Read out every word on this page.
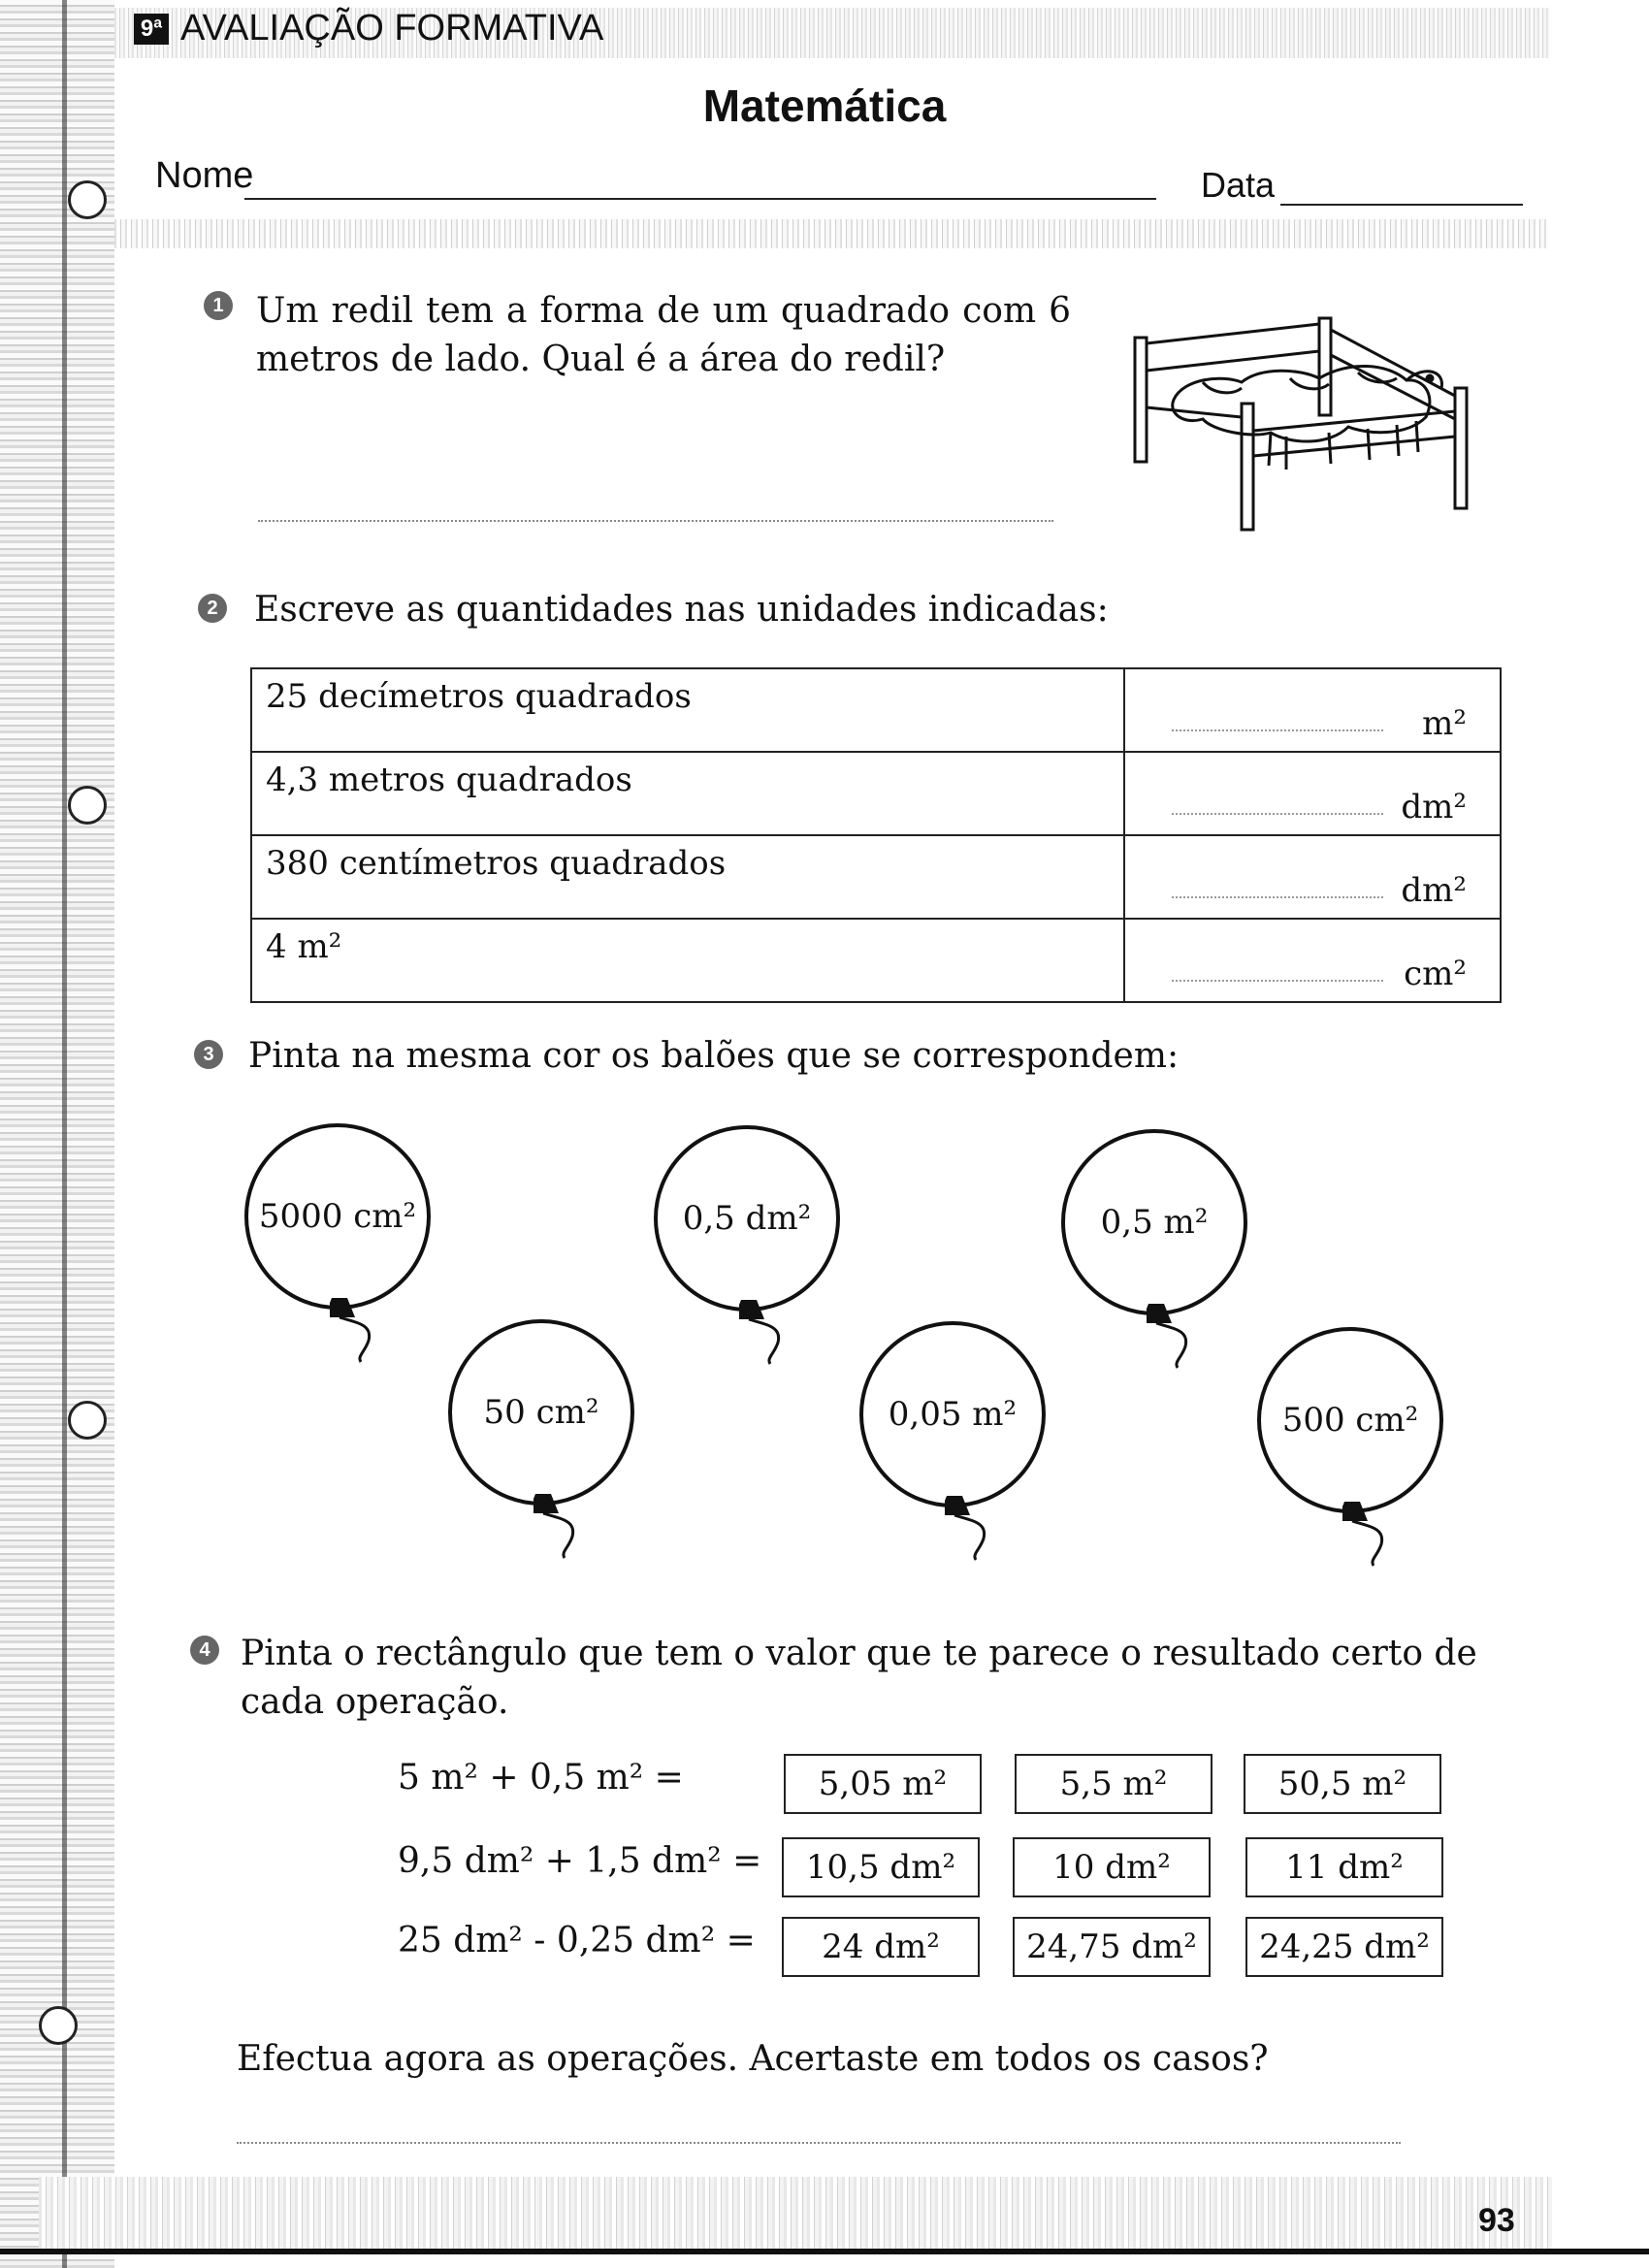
9ª AVALIAÇÃO FORMATIVA
Matemática
Nome	Data
1 Um redil tem a forma de um quadrado com 6 metros de lado. Qual é a área do redil?
2 Escreve as quantidades nas unidades indicadas:
25 decímetros quadrados	m²

4,3 metros quadrados	dm²

380 centímetros quadrados	dm²

4 m²	cm²
3 Pinta na mesma cor os balões que se correspondem:
5000 cm²
50 cm²
0,5 dm²
0,05 m²
0,5 m²
500 cm²
4 Pinta o rectângulo que tem o valor que te parece o resultado certo de cada operação.
5 m² + 0,5 m² =	5,05 m²	5,5 m²	50,5 m²
9,5 dm² + 1,5 dm² =	10,5 dm²	10 dm²	11 dm²
25 dm² - 0,25 dm² =	24 dm²	24,75 dm²	24,25 dm²
Efectua agora as operações. Acertaste em todos os casos?
93
